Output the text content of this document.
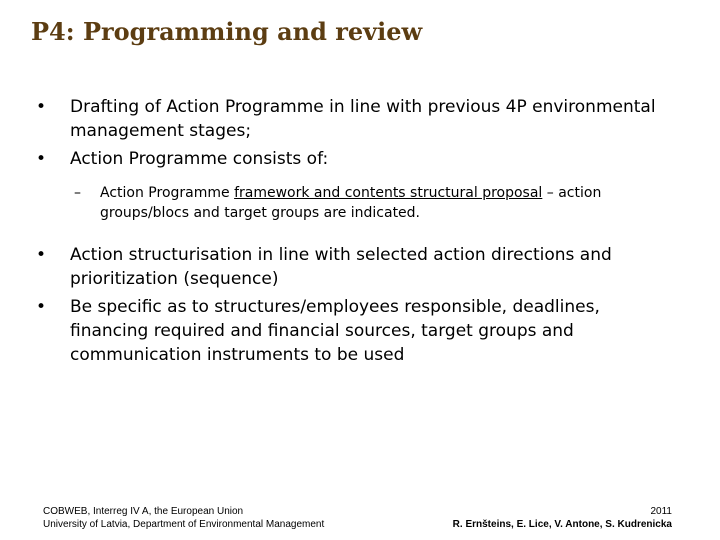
P4: Programming and review
• Drafting of Action Programme in line with previous 4P environmental management stages;
• Action Programme consists of:
– Action Programme framework and contents structural proposal – action groups/blocs and target groups are indicated.
• Action structurisation in line with selected action directions and prioritization (sequence)
• Be specific as to structures/employees responsible, deadlines, financing required and financial sources, target groups and communication instruments to be used
COBWEB, Interreg IV A, the European Union
University of Latvia, Department of Environmental Management
2011
R. Ernšteins, E. Lice, V. Antone, S. Kudrenicka
